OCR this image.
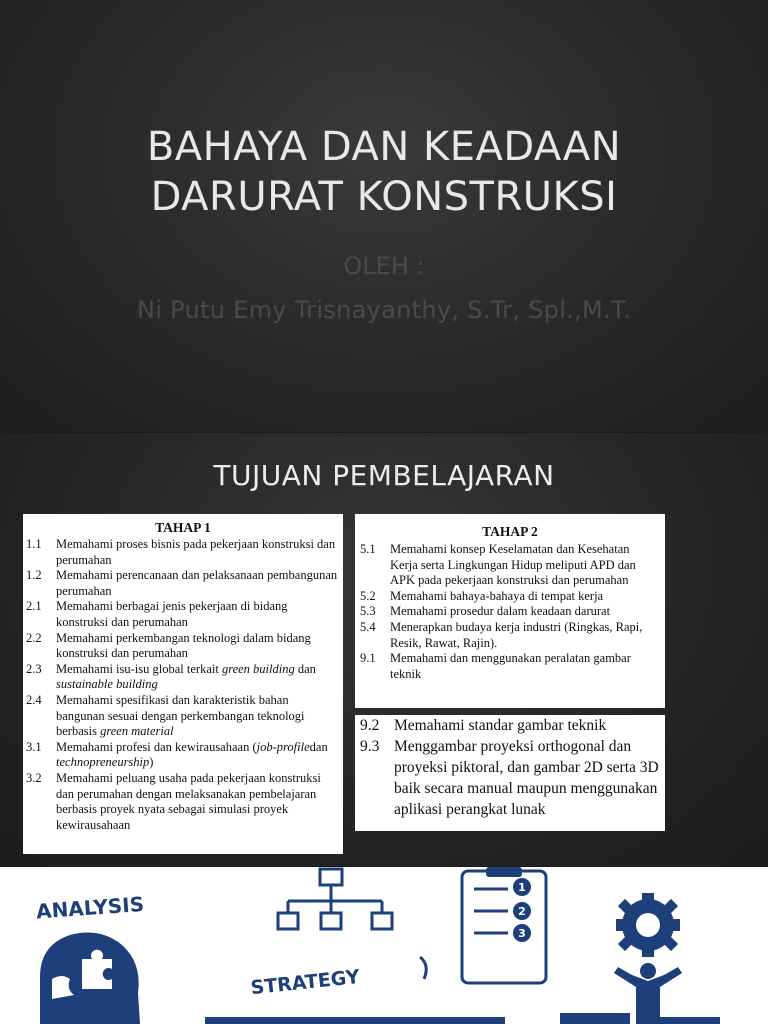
BAHAYA DAN KEADAAN
DARURAT KONSTRUKSI
OLEH :
Ni Putu Emy Trisnayanthy, S.Tr, Spl.,M.T.
TUJUAN PEMBELAJARAN
TAHAP 1
1.1	Memahami proses bisnis pada pekerjaan konstruksi dan perumahan
1.2	Memahami perencanaan dan pelaksanaan pembangunan perumahan
2.1	Memahami berbagai jenis pekerjaan di bidang konstruksi dan perumahan
2.2	Memahami perkembangan teknologi dalam bidang konstruksi dan perumahan
2.3	Memahami isu-isu global terkait green building dan sustainable building
2.4	Memahami spesifikasi dan karakteristik bahan bangunan sesuai dengan perkembangan teknologi berbasis green material
3.1	Memahami profesi dan kewirausahaan (job-profiledan technopreneurship)
3.2	Memahami peluang usaha pada pekerjaan konstruksi dan perumahan dengan melaksanakan pembelajaran berbasis proyek nyata sebagai simulasi proyek kewirausahaan
TAHAP 2
5.1	Memahami konsep Keselamatan dan Kesehatan Kerja serta Lingkungan Hidup meliputi APD dan APK pada pekerjaan konstruksi dan perumahan
5.2	Memahami bahaya-bahaya di tempat kerja
5.3	Memahami prosedur dalam keadaan darurat
5.4	Menerapkan budaya kerja industri (Ringkas, Rapi, Resik, Rawat, Rajin).
9.1	Memahami dan menggunakan peralatan gambar teknik
9.2 Memahami standar gambar teknik
9.3 Menggambar proyeksi orthogonal dan proyeksi piktoral, dan gambar 2D serta 3D baik secara manual maupun menggunakan aplikasi perangkat lunak
ANALYSIS
STRATEGY
1
2
3
